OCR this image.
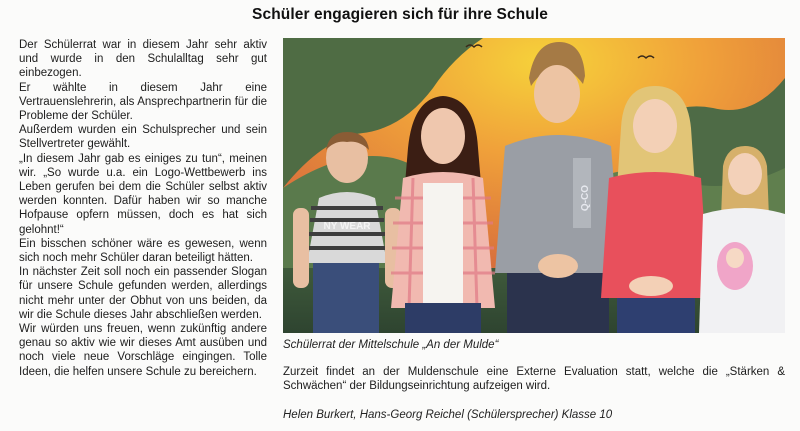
Schüler engagieren sich für ihre Schule

Der Schülerrat war in diesem Jahr sehr aktiv und wurde in den Schulalltag sehr gut einbezogen.

Er wählte in diesem Jahr eine Vertrauenslehrerin, als Ansprechpartnerin für die Probleme der Schüler.

Außerdem wurden ein Schulsprecher und sein Stellvertreter gewählt.

„In diesem Jahr gab es einiges zu tun“, meinen wir. „So wurde u.a. ein Logo-Wettbewerb ins Leben gerufen bei dem die Schüler selbst aktiv werden konnten. Dafür haben wir so manche Hofpause opfern müssen, doch es hat sich gelohnt!“

Ein bisschen schöner wäre es gewesen, wenn sich noch mehr Schüler daran beteiligt hätten.

In nächster Zeit soll noch ein passender Slogan für unsere Schule gefunden werden, allerdings nicht mehr unter der Obhut von uns beiden, da wir die Schule dieses Jahr abschließen werden.

Wir würden uns freuen, wenn zukünftig andere genau so aktiv wie wir dieses Amt ausüben und noch viele neue Vorschläge eingingen. Tolle Ideen, die helfen unsere Schule zu bereichern.

NY WEAR
Q-CO
Schülerrat der Mittelschule „An der Mulde“

Zurzeit findet an der Muldenschule eine Externe Evaluation statt, welche die „Stärken & Schwächen“ der Bildungseinrichtung aufzeigen wird.

Helen Burkert, Hans-Georg Reichel (Schülersprecher) Klasse 10
